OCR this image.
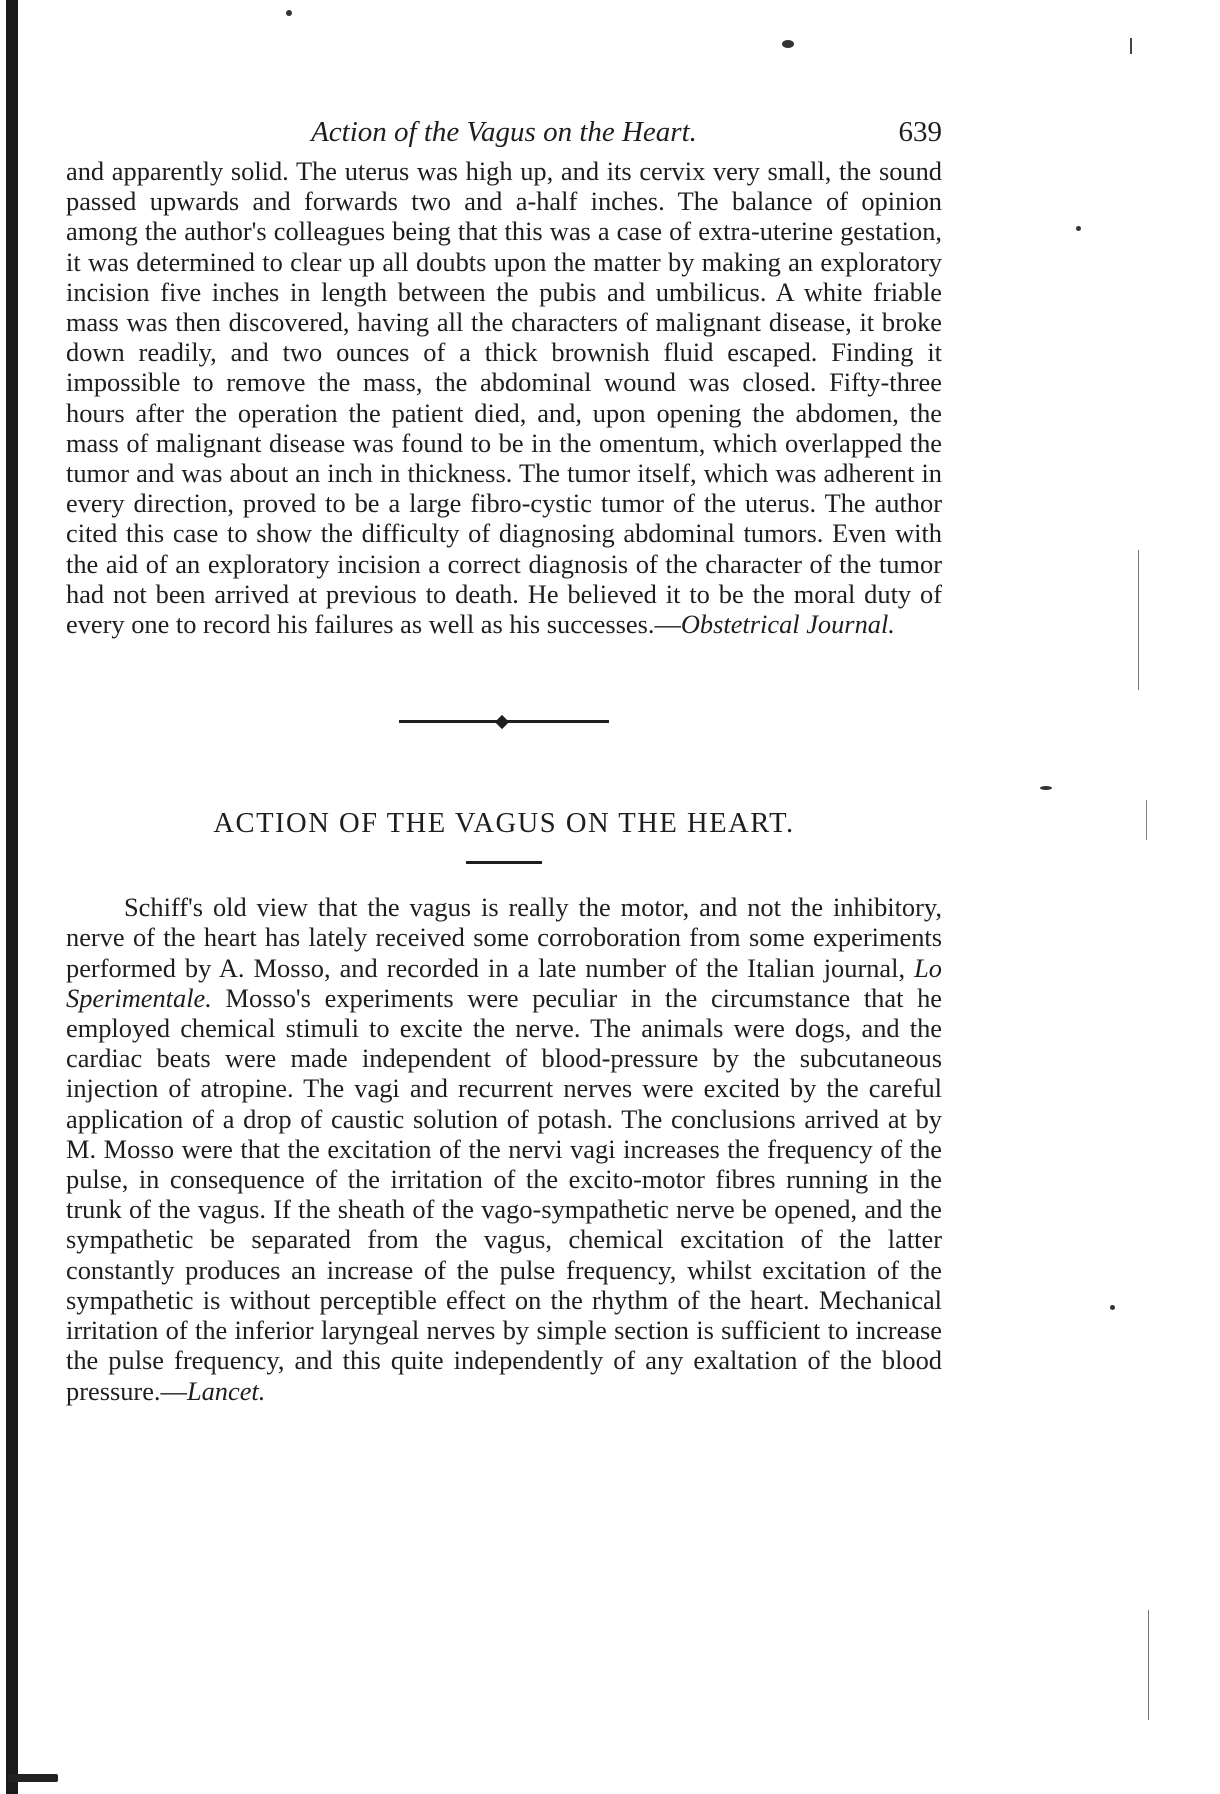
Action of the Vagus on the Heart.	639

and apparently solid. The uterus was high up, and its cervix very small, the sound passed upwards and forwards two and a-half inches. The balance of opinion among the author's colleagues being that this was a case of extra-uterine gestation, it was determined to clear up all doubts upon the matter by making an exploratory incision five inches in length between the pubis and umbilicus. A white friable mass was then discovered, having all the characters of malignant disease, it broke down readily, and two ounces of a thick brownish fluid escaped. Finding it impossible to remove the mass, the abdominal wound was closed. Fifty-three hours after the operation the patient died, and, upon opening the abdomen, the mass of malignant disease was found to be in the omentum, which overlapped the tumor and was about an inch in thickness. The tumor itself, which was adherent in every direction, proved to be a large fibro-cystic tumor of the uterus. The author cited this case to show the difficulty of diagnosing abdominal tumors. Even with the aid of an exploratory incision a correct diagnosis of the character of the tumor had not been arrived at previous to death. He believed it to be the moral duty of every one to record his failures as well as his successes.—Obstetrical Journal.

ACTION OF THE VAGUS ON THE HEART.

Schiff's old view that the vagus is really the motor, and not the inhibitory, nerve of the heart has lately received some corroboration from some experiments performed by A. Mosso, and recorded in a late number of the Italian journal, Lo Sperimentale. Mosso's experiments were peculiar in the circumstance that he employed chemical stimuli to excite the nerve. The animals were dogs, and the cardiac beats were made independent of blood-pressure by the subcutaneous injection of atropine. The vagi and recurrent nerves were excited by the careful application of a drop of caustic solution of potash. The conclusions arrived at by M. Mosso were that the excitation of the nervi vagi increases the frequency of the pulse, in consequence of the irritation of the excito-motor fibres running in the trunk of the vagus. If the sheath of the vago-sympathetic nerve be opened, and the sympathetic be separated from the vagus, chemical excitation of the latter constantly produces an increase of the pulse frequency, whilst excitation of the sympathetic is without perceptible effect on the rhythm of the heart. Mechanical irritation of the inferior laryngeal nerves by simple section is sufficient to increase the pulse frequency, and this quite independently of any exaltation of the blood pressure.—Lancet.
